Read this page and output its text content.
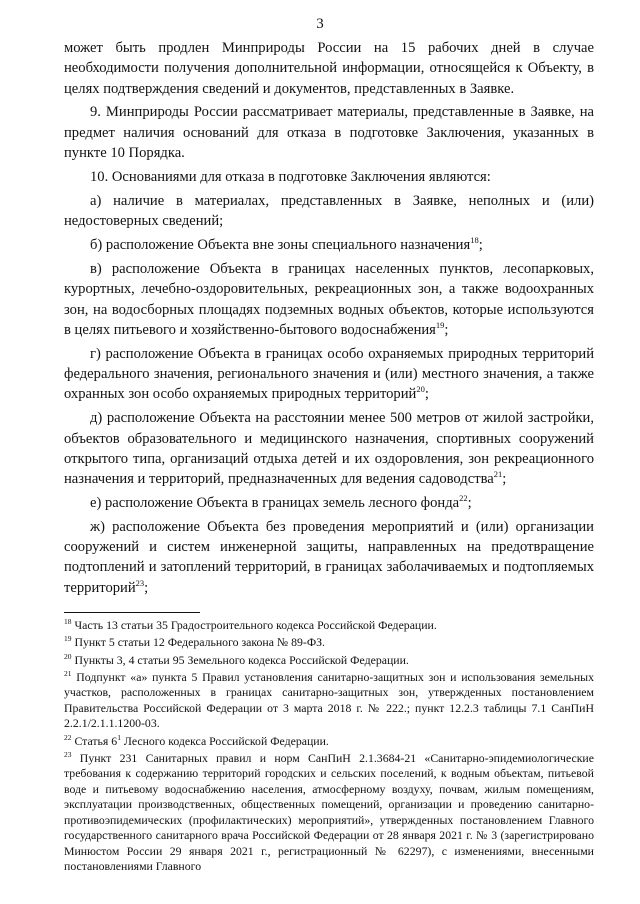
3

может быть продлен Минприроды России на 15 рабочих дней в случае необходимости получения дополнительной информации, относящейся к Объекту, в целях подтверждения сведений и документов, представленных в Заявке.

9. Минприроды России рассматривает материалы, представленные в Заявке, на предмет наличия оснований для отказа в подготовке Заключения, указанных в пункте 10 Порядка.

10. Основаниями для отказа в подготовке Заключения являются:

а) наличие в материалах, представленных в Заявке, неполных и (или) недостоверных сведений;

б) расположение Объекта вне зоны специального назначения$^{18}$;

в) расположение Объекта в границах населенных пунктов, лесопарковых, курортных, лечебно-оздоровительных, рекреационных зон, а также водоохранных зон, на водосборных площадях подземных водных объектов, которые используются в целях питьевого и хозяйственно-бытового водоснабжения$^{19}$;

г) расположение Объекта в границах особо охраняемых природных территорий федерального значения, регионального значения и (или) местного значения, а также охранных зон особо охраняемых природных территорий$^{20}$;

д) расположение Объекта на расстоянии менее 500 метров от жилой застройки, объектов образовательного и медицинского назначения, спортивных сооружений открытого типа, организаций отдыха детей и их оздоровления, зон рекреационного назначения и территорий, предназначенных для ведения садоводства$^{21}$;

е) расположение Объекта в границах земель лесного фонда$^{22}$;

ж) расположение Объекта без проведения мероприятий и (или) организации сооружений и систем инженерной защиты, направленных на предотвращение подтоплений и затоплений территорий, в границах заболачиваемых и подтопляемых территорий$^{23}$;

$^{18}$ Часть 13 статьи 35 Градостроительного кодекса Российской Федерации.

$^{19}$ Пункт 5 статьи 12 Федерального закона № 89-ФЗ.

$^{20}$ Пункты 3, 4 статьи 95 Земельного кодекса Российской Федерации.

$^{21}$ Подпункт «а» пункта 5 Правил установления санитарно-защитных зон и использования земельных участков, расположенных в границах санитарно-защитных зон, утвержденных постановлением Правительства Российской Федерации от 3 марта 2018 г. № 222.; пункт 12.2.3 таблицы 7.1 СанПиН 2.2.1/2.1.1.1200-03.

$^{22}$ Статья $6^1$ Лесного кодекса Российской Федерации.

$^{23}$ Пункт 231 Санитарных правил и норм СанПиН 2.1.3684-21 «Санитарно-эпидемиологические требования к содержанию территорий городских и сельских поселений, к водным объектам, питьевой воде и питьевому водоснабжению населения, атмосферному воздуху, почвам, жилым помещениям, эксплуатации производственных, общественных помещений, организации и проведению санитарно-противоэпидемических (профилактических) мероприятий», утвержденных постановлением Главного государственного санитарного врача Российской Федерации от 28 января 2021 г. № 3 (зарегистрировано Минюстом России 29 января 2021 г., регистрационный № 62297), с изменениями, внесенными постановлениями Главного
